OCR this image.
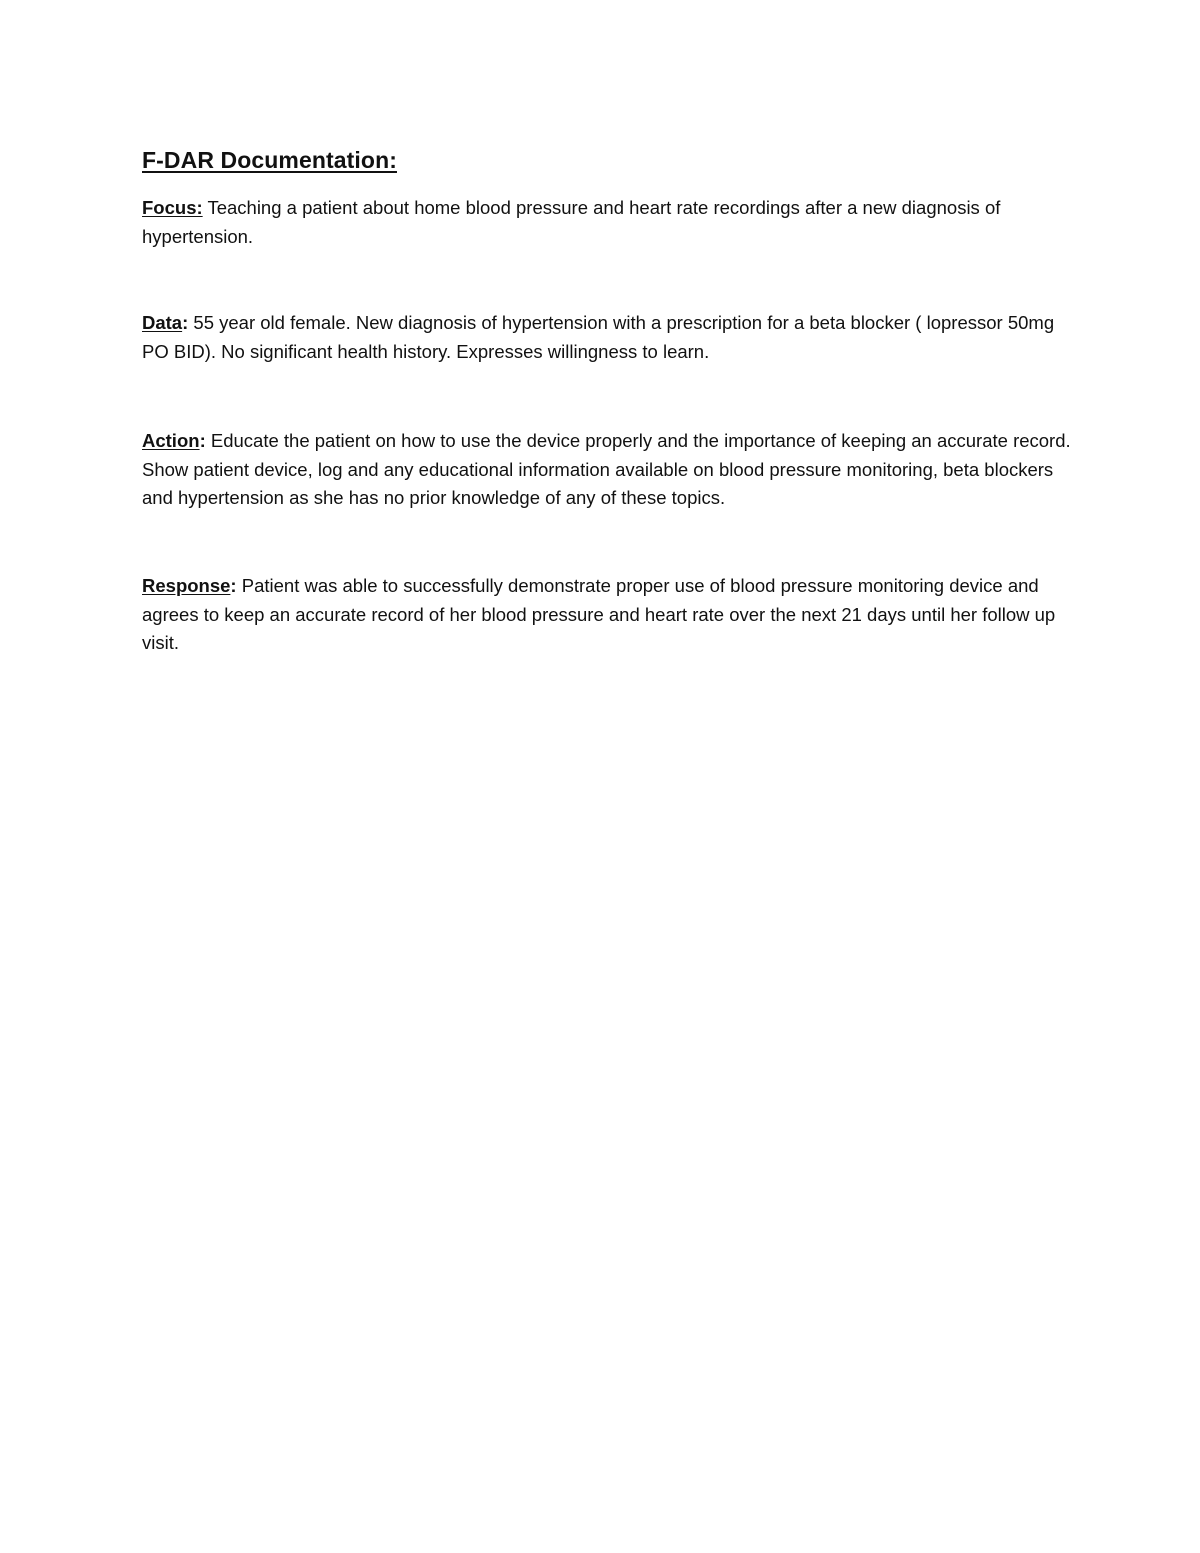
F-DAR Documentation:

Focus: Teaching a patient about home blood pressure and heart rate recordings after a new diagnosis of hypertension.

Data: 55 year old female. New diagnosis of hypertension with a prescription for a beta blocker ( lopressor 50mg PO BID). No significant health history. Expresses willingness to learn.

Action: Educate the patient on how to use the device properly and the importance of keeping an accurate record. Show patient device, log and any educational information available on blood pressure monitoring, beta blockers and hypertension as she has no prior knowledge of any of these topics.

Response: Patient was able to successfully demonstrate proper use of blood pressure monitoring device and agrees to keep an accurate record of her blood pressure and heart rate over the next 21 days until her follow up visit.
